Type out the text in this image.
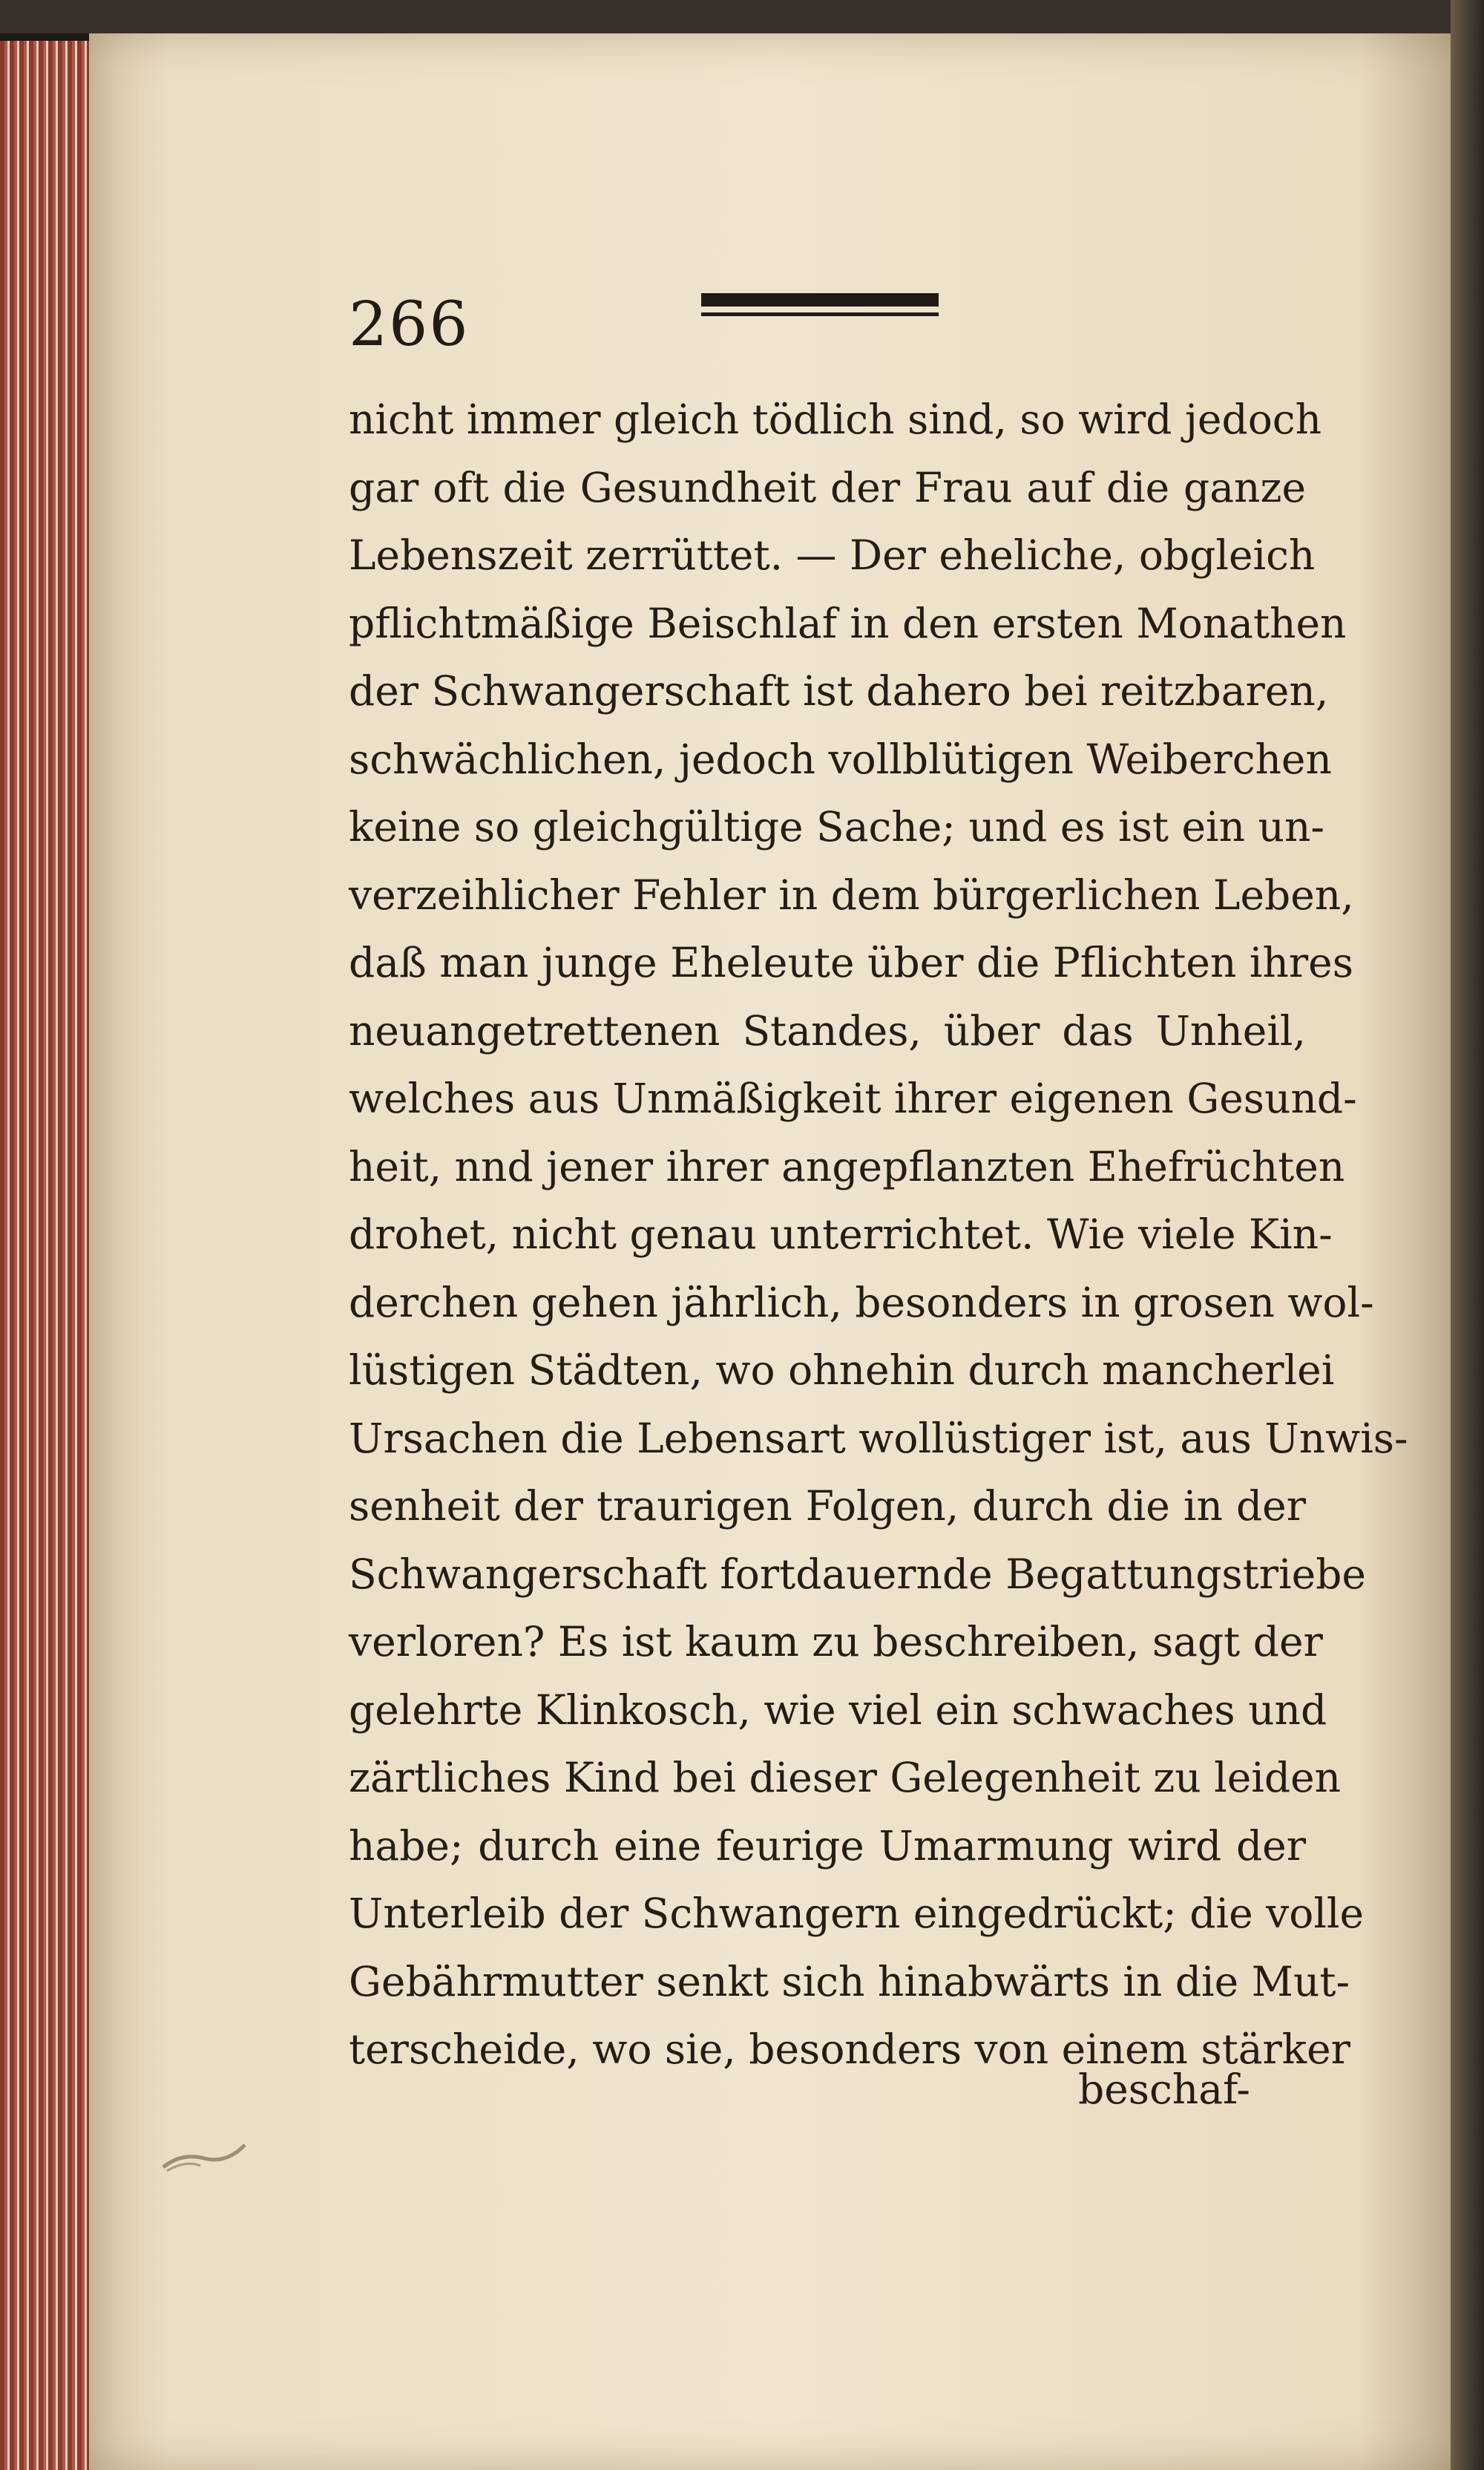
266
nicht immer gleich tödlich sind, so wird jedoch
gar oft die Gesundheit der Frau auf die ganze
Lebenszeit zerrüttet. — Der eheliche, obgleich
pflichtmäßige Beischlaf in den ersten Monathen
der Schwangerschaft ist dahero bei reitzbaren,
schwächlichen, jedoch vollblütigen Weiberchen
keine so gleichgültige Sache; und es ist ein un-
verzeihlicher Fehler in dem bürgerlichen Leben,
daß man junge Eheleute über die Pflichten ihres
neuangetrettenen Standes, über das Unheil,
welches aus Unmäßigkeit ihrer eigenen Gesund-
heit, nnd jener ihrer angepflanzten Ehefrüchten
drohet, nicht genau unterrichtet. Wie viele Kin-
derchen gehen jährlich, besonders in grosen wol-
lüstigen Städten, wo ohnehin durch mancherlei
Ursachen die Lebensart wollüstiger ist, aus Unwis-
senheit der traurigen Folgen, durch die in der
Schwangerschaft fortdauernde Begattungstriebe
verloren? Es ist kaum zu beschreiben, sagt der
gelehrte Klinkosch, wie viel ein schwaches und
zärtliches Kind bei dieser Gelegenheit zu leiden
habe; durch eine feurige Umarmung wird der
Unterleib der Schwangern eingedrückt; die volle
Gebährmutter senkt sich hinabwärts in die Mut-
terscheide, wo sie, besonders von einem stärker
beschaf-
